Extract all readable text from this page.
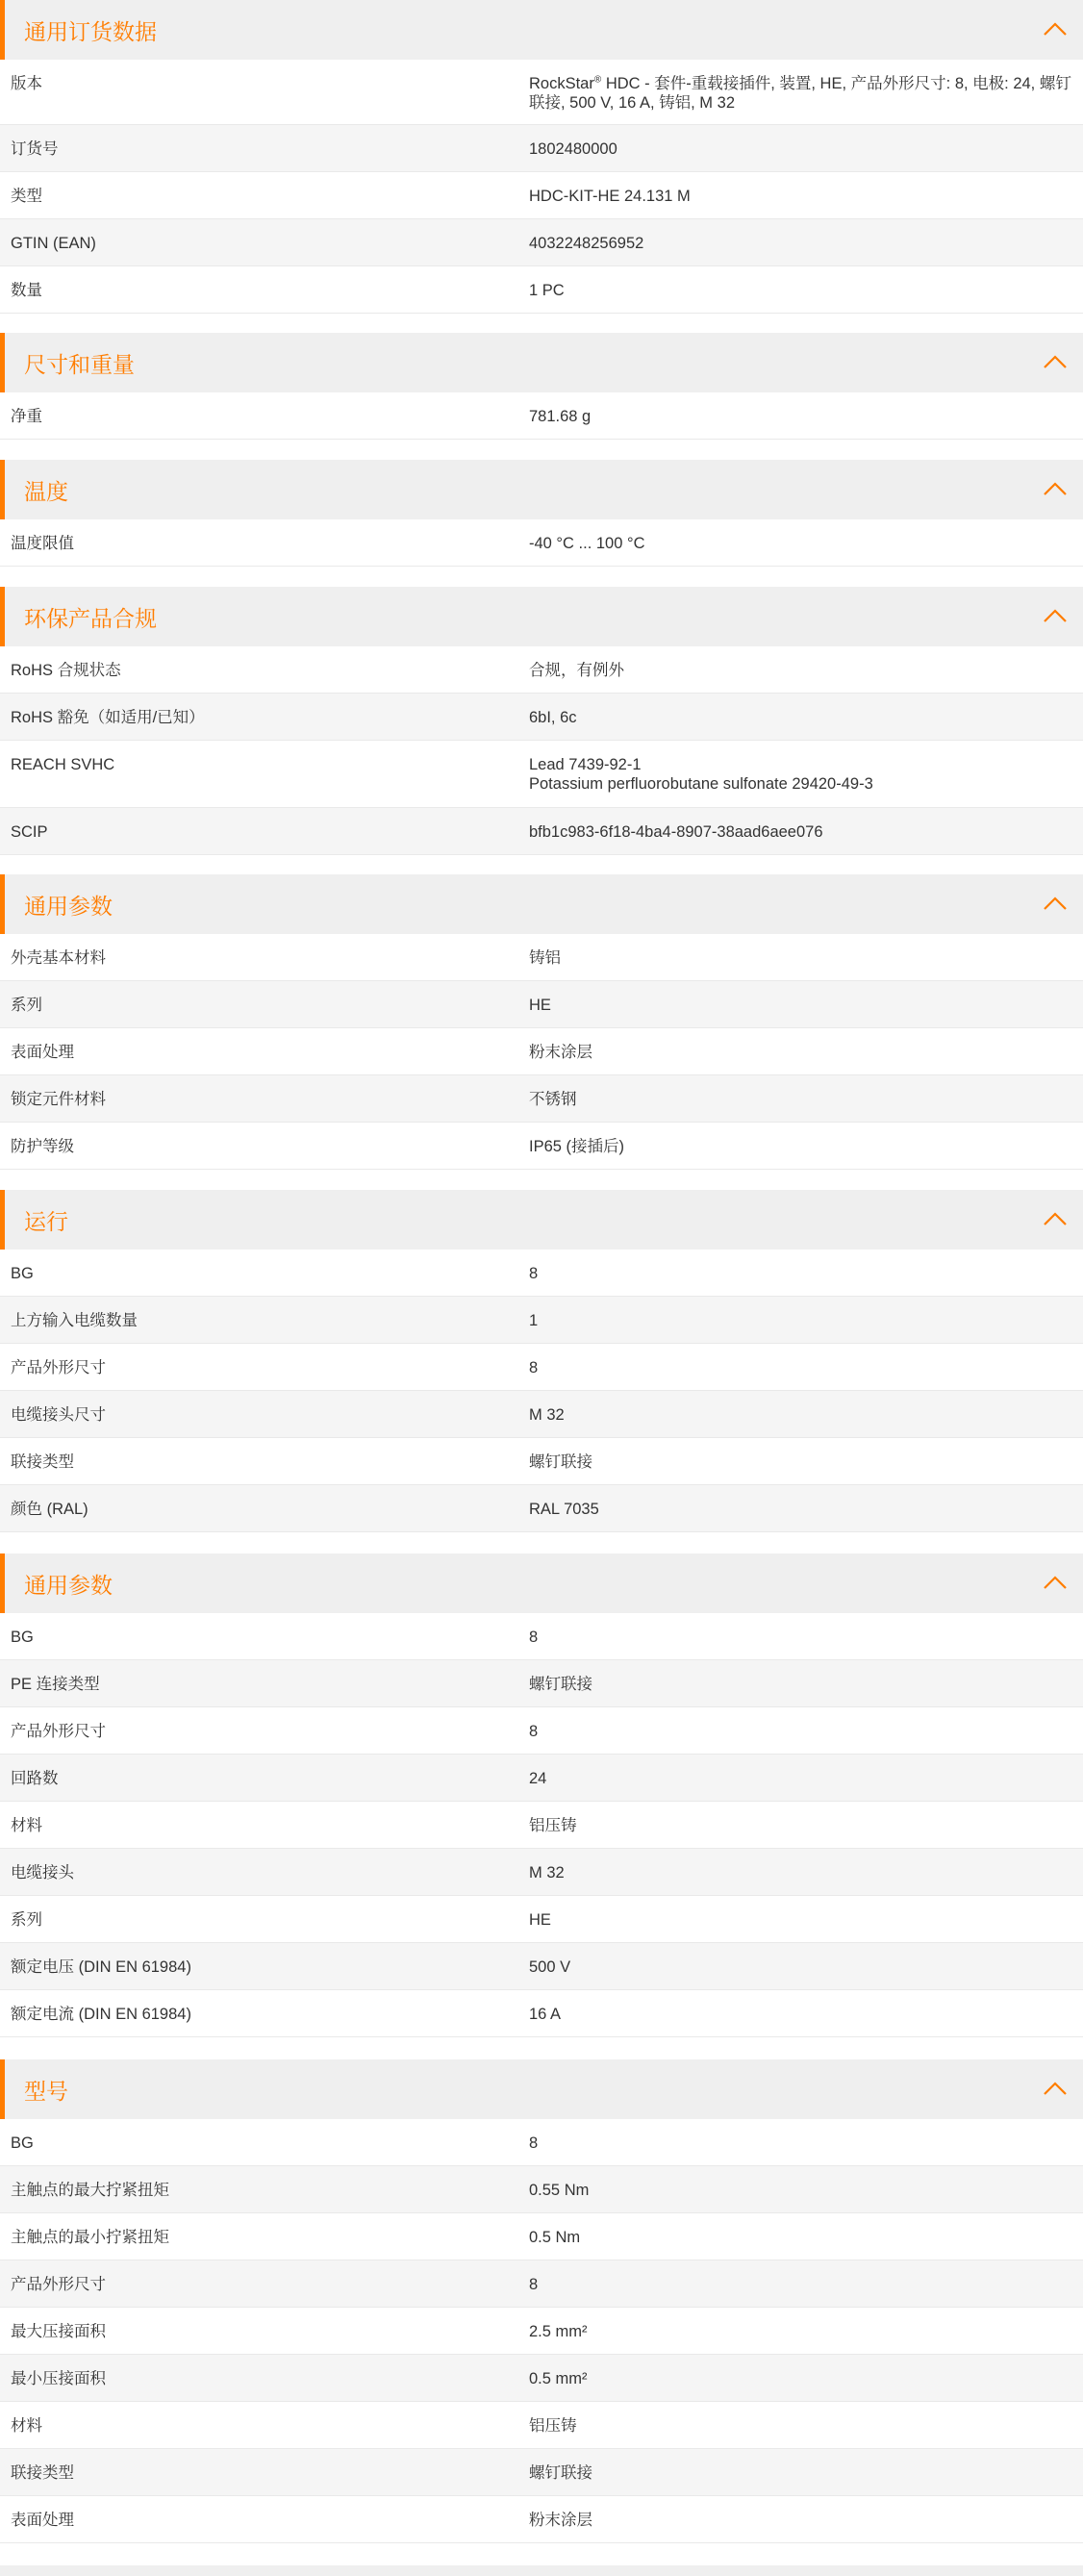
通用订货数据
版本	RockStar® HDC - 套件-重载接插件, 装置, HE, 产品外形尺寸: 8, 电极: 24, 螺钉联接, 500 V, 16 A, 铸铝, M 32
订货号	1802480000
类型	HDC-KIT-HE 24.131 M
GTIN (EAN)	4032248256952
数量	1 PC
尺寸和重量
净重	781.68 g
温度
温度限值	-40 °C ... 100 °C
环保产品合规
RoHS 合规状态	合规，有例外
RoHS 豁免（如适用/已知）	6bI, 6c
REACH SVHC	Lead 7439-92-1
Potassium perfluorobutane sulfonate 29420-49-3
SCIP	bfb1c983-6f18-4ba4-8907-38aad6aee076
通用参数
外壳基本材料	铸铝
系列	HE
表面处理	粉末涂层
锁定元件材料	不锈钢
防护等级	IP65 (接插后)
运行
BG	8
上方输入电缆数量	1
产品外形尺寸	8
电缆接头尺寸	M 32
联接类型	螺钉联接
颜色 (RAL)	RAL 7035
通用参数
BG	8
PE 连接类型	螺钉联接
产品外形尺寸	8
回路数	24
材料	铝压铸
电缆接头	M 32
系列	HE
额定电压 (DIN EN 61984)	500 V
额定电流 (DIN EN 61984)	16 A
型号
BG	8
主触点的最大拧紧扭矩	0.55 Nm
主触点的最小拧紧扭矩	0.5 Nm
产品外形尺寸	8
最大压接面积	2.5 mm²
最小压接面积	0.5 mm²
材料	铝压铸
联接类型	螺钉联接
表面处理	粉末涂层
